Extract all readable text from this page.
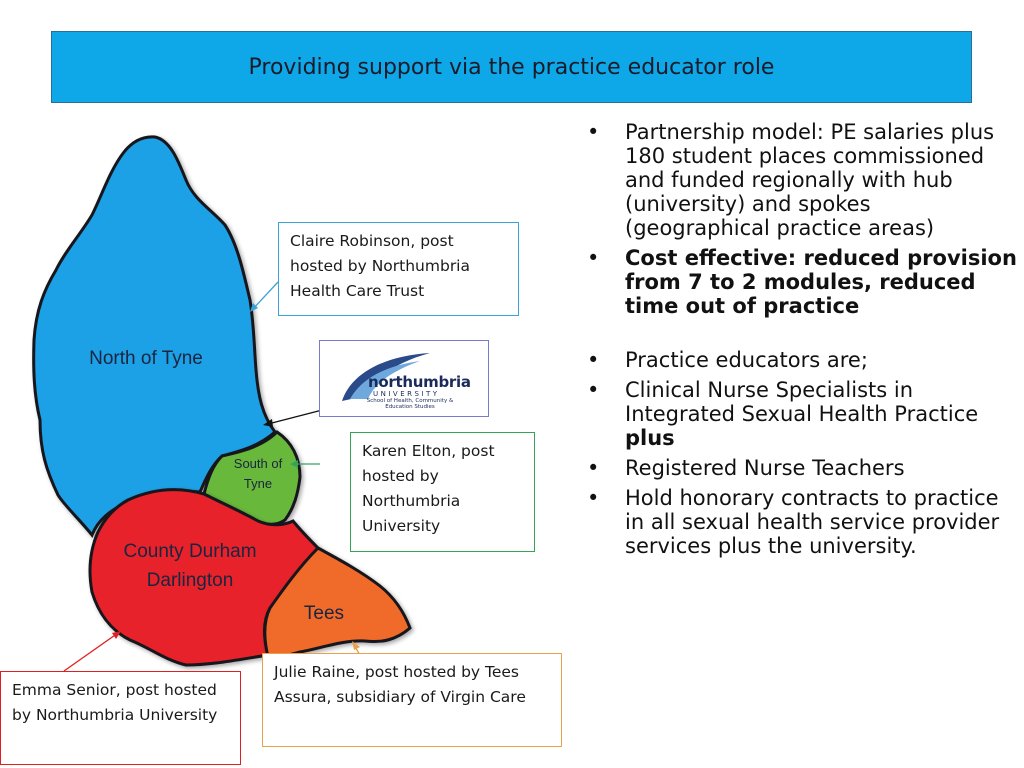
Providing support via the practice educator role
North of Tyne
South of
Tyne
County Durham
Darlington
Tees
Claire Robinson, post hosted by Northumbria Health Care Trust
Karen Elton, post hosted by Northumbria University
Emma Senior, post hosted by Northumbria University
Julie Raine, post hosted by Tees Assura, subsidiary of Virgin Care
northumbria
UNIVERSITY
School of Health, Community & Education Studies
• Partnership model: PE salaries plus 180 student places commissioned and funded regionally with hub (university) and spokes (geographical practice areas)
• Cost effective: reduced provision from 7 to 2 modules, reduced time out of practice
• Practice educators are;
• Clinical Nurse Specialists in Integrated Sexual Health Practice
plus
• Registered Nurse Teachers
• Hold honorary contracts to practice in all sexual health service provider services plus the university.
